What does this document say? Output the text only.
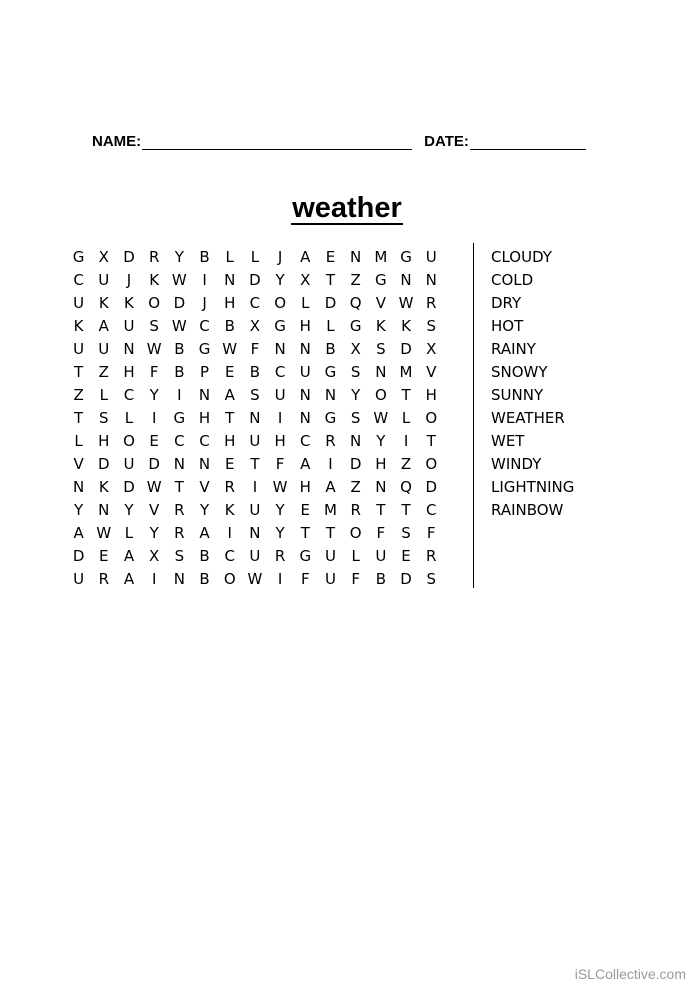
NAME:	DATE:
weather
G X D R	Y	B	L	L	J	A	E N M G U
C U	J	K W	I	N D Y	X	T	Z G N N
U K	K O D	J	H C O	L	D Q V W R
K	A U S W C B X G H	L	G K	K	S
U U N W B G W F	N N B X	S D X
T	Z H	F	B	P	E	B C U G S N M V
Z	L	C	Y	I	N A	S U N N Y O T H
T	S	L	I	G H T N	I	N G S W L	O
L	H O E	C C H U H C R N Y	I	T
V D U D N N E	T	F	A	I	D H Z O
N K D W T	V R	I	W H A Z N Q D
Y N Y	V R	Y	K U	Y	E M R	T	T	C
A W L	Y	R A	I	N Y	T	T O F	S	F
D E	A X	S	B C U R G U	L	U E	R
U R A	I	N B O W	I	F	U	F	B D S
CLOUDY
COLD
DRY
HOT
RAINY
SNOWY
SUNNY
WEATHER
WET
WINDY
LIGHTNING
RAINBOW
iSLCollective.com
